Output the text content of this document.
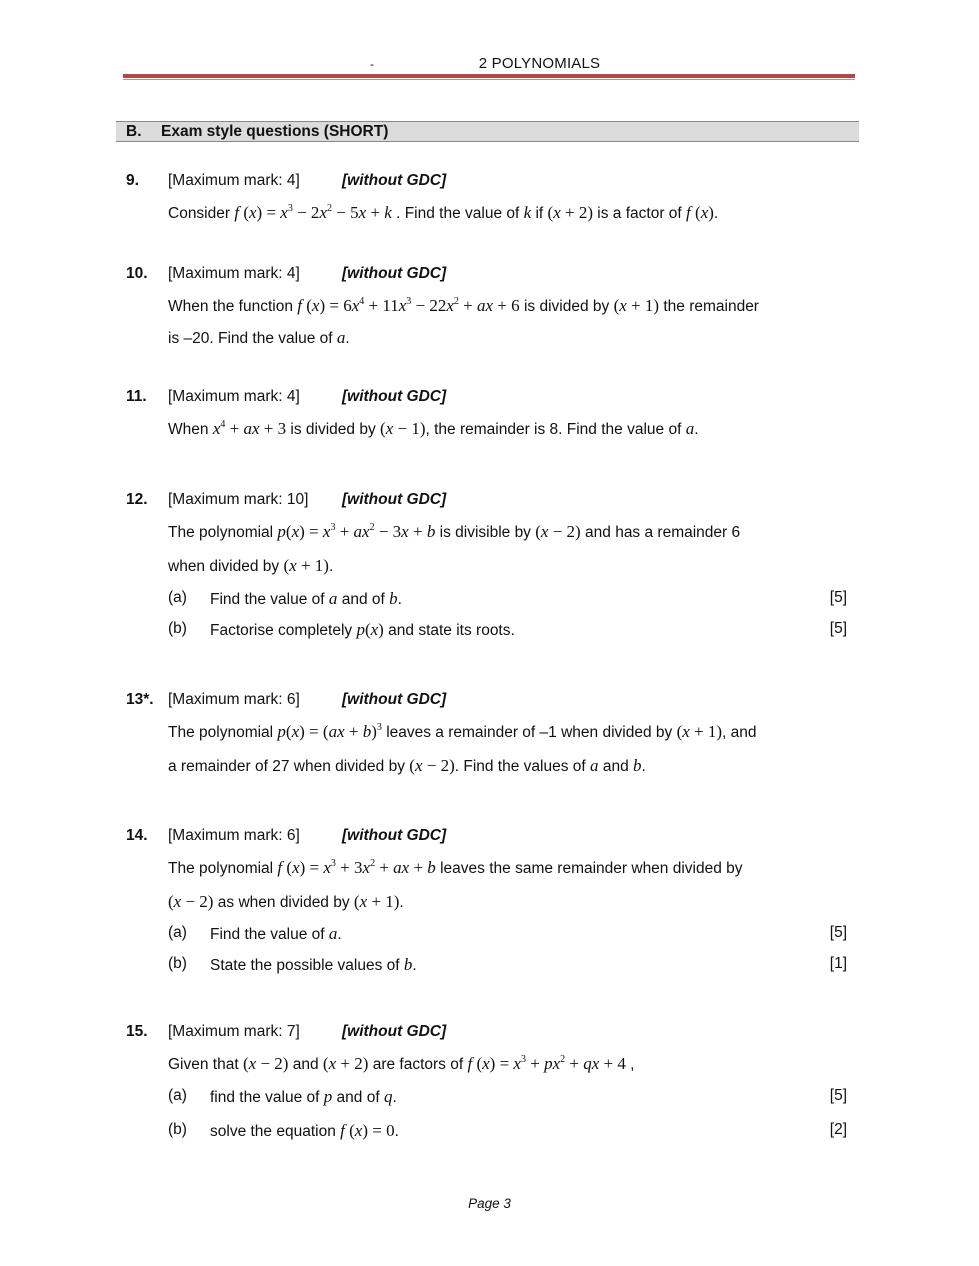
-	2 POLYNOMIALS
B. Exam style questions (SHORT)
9. [Maximum mark: 4]	[without GDC]
Consider f $(x) = x^3 - 2x^2 - 5x + k$ . Find the value of k if (x + 2) is a factor of f (x).
10. [Maximum mark: 4]	[without GDC]
When the function f $(x) = 6x^4 + 11x^3 - 22x^2$ + ax + 6 is divided by (x + 1) the remainder
is –20. Find the value of a.
11. [Maximum mark: 4]	[without GDC]
When $x^4$ + ax + 3 is divided by (x − 1), the remainder is 8. Find the value of a.
12. [Maximum mark: 10] [without GDC]
The polynomial $p(x) = x^3 + ax^2 - 3x + b$ is divisible by (x − 2) and has a remainder 6
when divided by (x + 1).
(a) Find the value of a and of b.	[5]
(b) Factorise completely p(x) and state its roots.	[5]
13*. [Maximum mark: 6]	[without GDC]
The polynomial p(x) = (ax + b)$^3$ leaves a remainder of –1 when divided by (x + 1), and
a remainder of 27 when divided by (x − 2). Find the values of a and b.
14. [Maximum mark: 6]	[without GDC]
The polynomial f $(x) = x^3 + 3x^2$ + ax + b leaves the same remainder when divided by
(x − 2) as when divided by (x + 1).
(a) Find the value of a.	[5]
(b) State the possible values of b.	[1]
15. [Maximum mark: 7]	[without GDC]
Given that (x − 2) and (x + 2) are factors of f $(x) = x^3 + px^2$ + qx + 4 ,
(a) find the value of p and of q.	[5]
(b) solve the equation f (x) = 0.	[2]
Page 3
